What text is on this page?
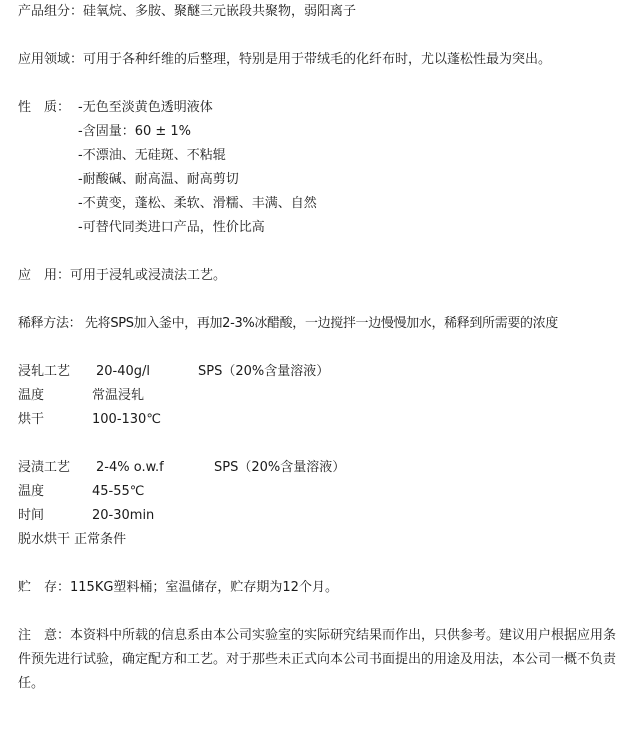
产品组分：硅氧烷、多胺、聚醚三元嵌段共聚物，弱阳离子
应用领域：可用于各种纤维的后整理，特别是用于带绒毛的化纤布时，尤以蓬松性最为突出。
性　质： -无色至淡黄色透明液体
-含固量：60 ± 1%
-不漂油、无硅斑、不粘辊
-耐酸碱、耐高温、耐高剪切
-不黄变，蓬松、柔软、滑糯、丰满、自然
-可替代同类进口产品，性价比高
应　用：可用于浸轧或浸渍法工艺。
稀释方法： 先将SPS加入釜中，再加2-3%冰醋酸，一边搅拌一边慢慢加水，稀释到所需要的浓度
浸轧工艺 20-40g/l	SPS（20%含量溶液）
温度	常温浸轧
烘干	100-130℃
浸渍工艺 2-4% o.w.f	SPS（20%含量溶液）
温度	45-55℃
时间	20-30min
脱水烘干 正常条件
贮　存：115KG塑料桶；室温储存，贮存期为12个月。
注　意：本资料中所载的信息系由本公司实验室的实际研究结果而作出，只供参考。建议用户根据应用条件预先进行试验，确定配方和工艺。对于那些未正式向本公司书面提出的用途及用法，本公司一概不负责任。
